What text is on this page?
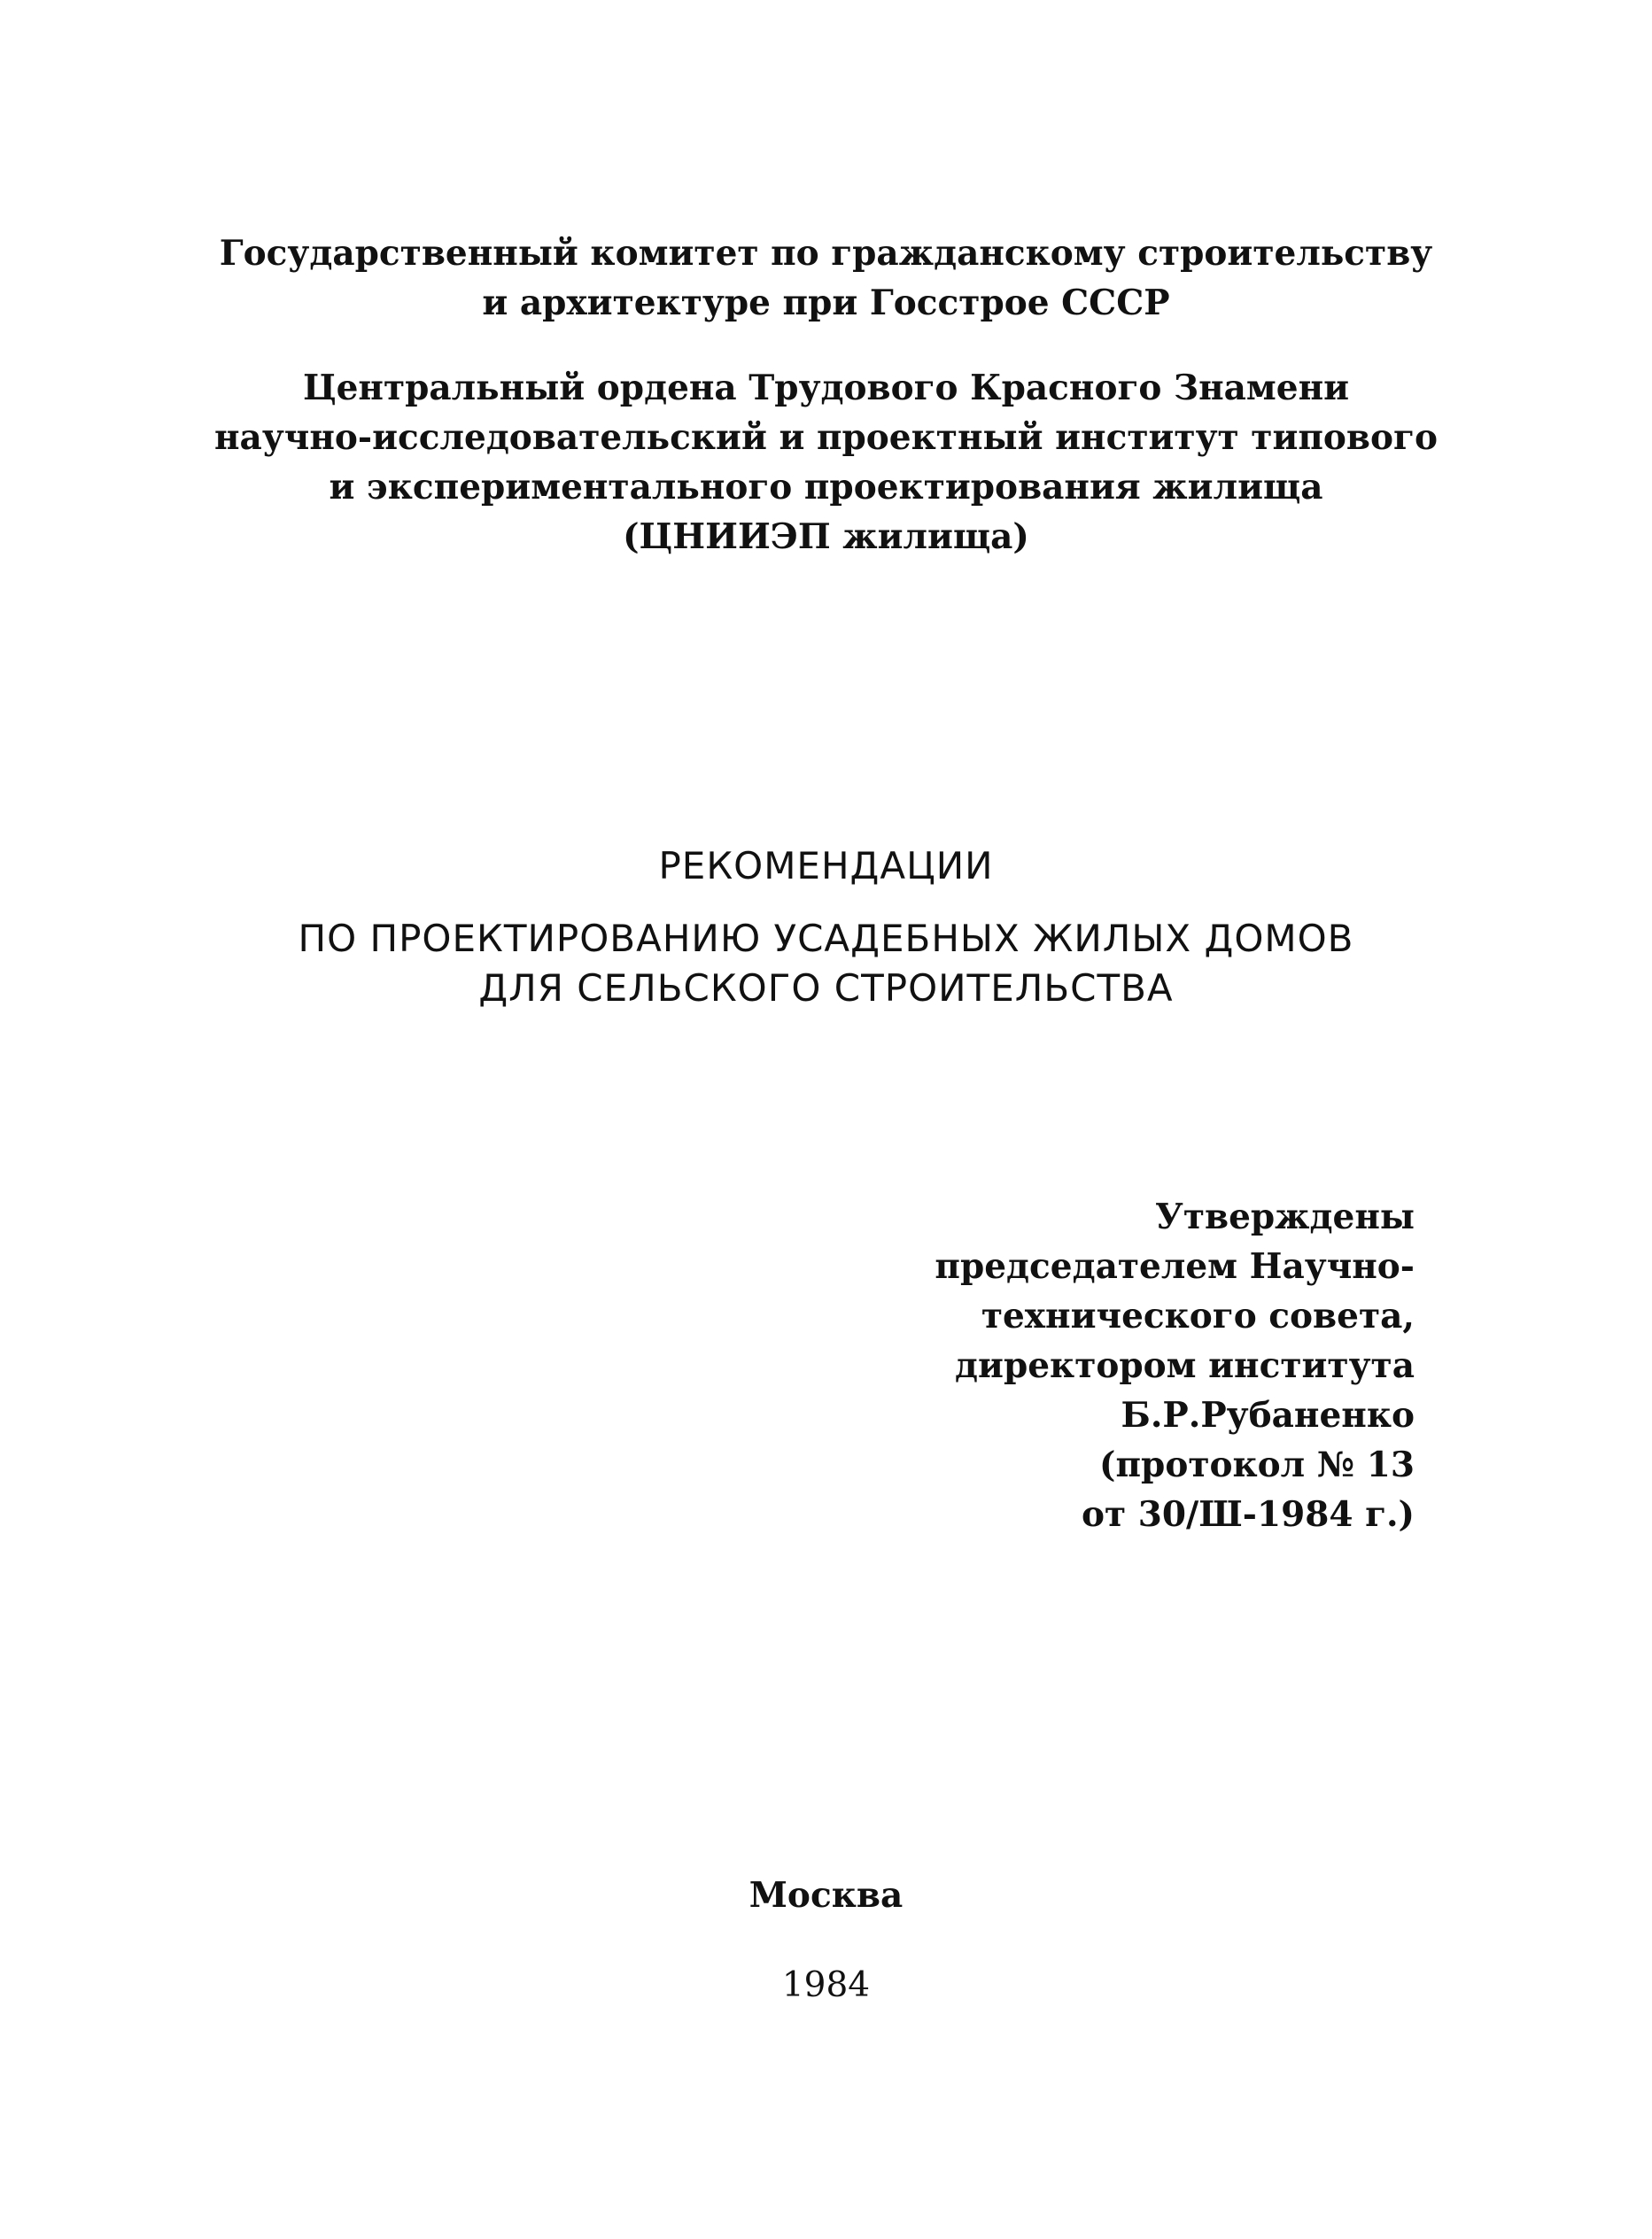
Государственный комитет по гражданскому строительству
и архитектуре при Госстрое СССР
Центральный ордена Трудового Красного Знамени
научно-исследовательский и проектный институт типового
и экспериментального проектирования жилища
(ЦНИИЭП жилища)
РЕКОМЕНДАЦИИ
ПО ПРОЕКТИРОВАНИЮ УСАДЕБНЫХ ЖИЛЫХ ДОМОВ
ДЛЯ СЕЛЬСКОГО СТРОИТЕЛЬСТВА
Утверждены
председателем Научно-
технического совета,
директором института
Б.Р.Рубаненко
(протокол № 13
от 30/Ш-1984 г.)
Москва
1984
